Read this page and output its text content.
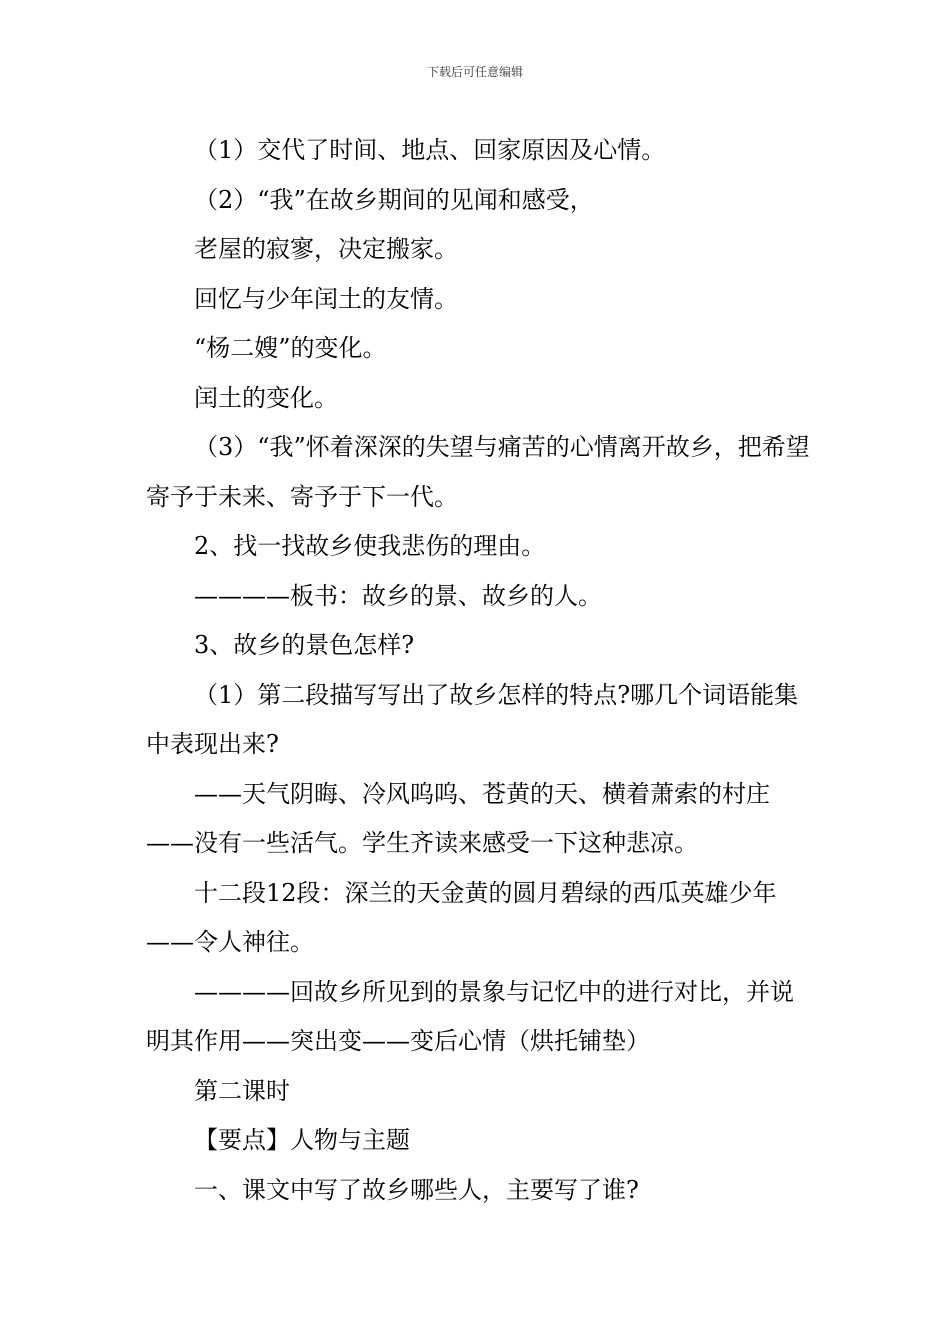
下载后可任意编辑

（1）交代了时间、地点、回家原因及心情。

（2）“我”在故乡期间的见闻和感受，

老屋的寂寥，决定搬家。

回忆与少年闰土的友情。

“杨二嫂”的变化。

闰土的变化。

（3）“我”怀着深深的失望与痛苦的心情离开故乡，把希望寄予于未来、寄予于下一代。

2、找一找故乡使我悲伤的理由。

————板书：故乡的景、故乡的人。

3、故乡的景色怎样?

（1）第二段描写写出了故乡怎样的特点?哪几个词语能集中表现出来?

——天气阴晦、冷风呜呜、苍黄的天、横着萧索的村庄——没有一些活气。学生齐读来感受一下这种悲凉。

十二段12段：深兰的天金黄的圆月碧绿的西瓜英雄少年——令人神往。

————回故乡所见到的景象与记忆中的进行对比，并说明其作用——突出变——变后心情（烘托铺垫）

第二课时

【要点】人物与主题

一、课文中写了故乡哪些人，主要写了谁?
